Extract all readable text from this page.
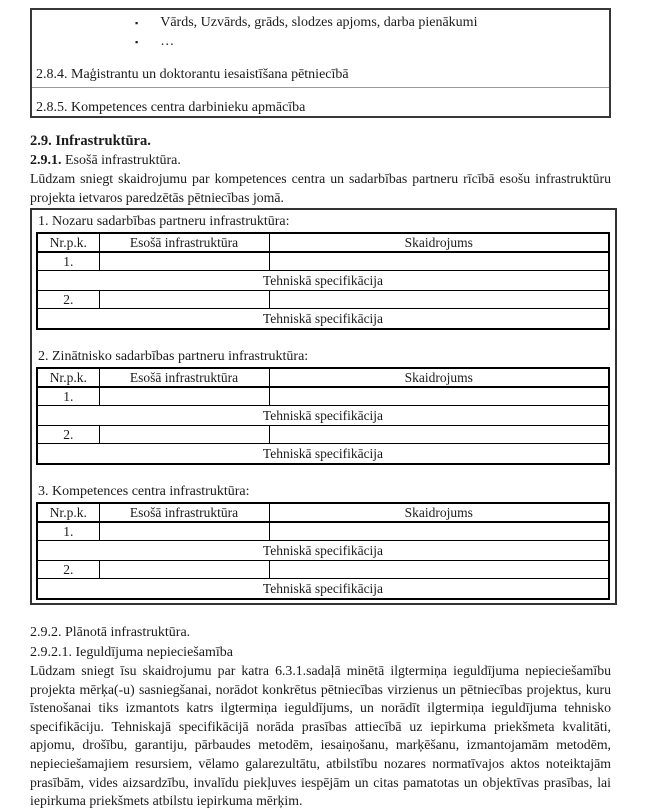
▪ Vārds, Uzvārds, grāds, slodzes apjoms, darba pienākumi
▪ …
2.8.4. Maģistrantu un doktorantu iesaistīšana pētniecībā
2.8.5. Kompetences centra darbinieku apmācība
2.9. Infrastruktūra.
2.9.1. Esošā infrastruktūra.
Lūdzam sniegt skaidrojumu par kompetences centra un sadarbības partneru rīcībā esošu infrastruktūru projekta ietvaros paredzētās pētniecības jomā.
1. Nozaru sadarbības partneru infrastruktūra:
Nr.p.k.	Esošā infrastruktūra	Skaidrojums
1.		
Tehniskā specifikācija		
2.		
Tehniskā specifikācija		
2. Zinātnisko sadarbības partneru infrastruktūra:
Nr.p.k.	Esošā infrastruktūra	Skaidrojums
1.		
Tehniskā specifikācija		
2.		
Tehniskā specifikācija		
3. Kompetences centra infrastruktūra:
Nr.p.k.	Esošā infrastruktūra	Skaidrojums
1.		
Tehniskā specifikācija		
2.		
Tehniskā specifikācija		
2.9.2. Plānotā infrastruktūra.
2.9.2.1. Ieguldījuma nepieciešamība
Lūdzam sniegt īsu skaidrojumu par katra 6.3.1.sadaļā minētā ilgtermiņa ieguldījuma nepieciešamību projekta mērķa(-u) sasniegšanai, norādot konkrētus pētniecības virzienus un pētniecības projektus, kuru īstenošanai tiks izmantots katrs ilgtermiņa ieguldījums, un norādīt ilgtermiņa ieguldījuma tehnisko specifikāciju. Tehniskajā specifikācijā norāda prasības attiecībā uz iepirkuma priekšmeta kvalitāti, apjomu, drošību, garantiju, pārbaudes metodēm, iesaiņošanu, marķēšanu, izmantojamām metodēm, nepieciešamajiem resursiem, vēlamo galarezultātu, atbilstību nozares normatīvajos aktos noteiktajām prasībām, vides aizsardzību, invalīdu piekļuves iespējām un citas pamatotas un objektīvas prasības, lai iepirkuma priekšmets atbilstu iepirkuma mērķim.
